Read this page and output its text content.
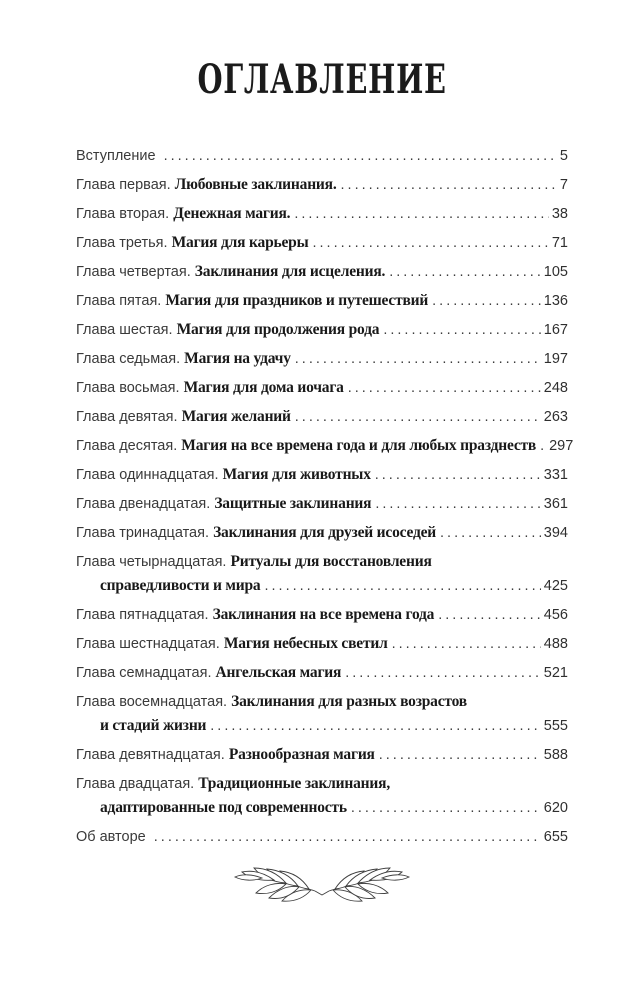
ОГЛАВЛЕНИЕ
Вступление .....	5
Глава первая. Любовные заклинания. .....	7
Глава вторая. Денежная магия. .....	38
Глава третья. Магия для карьеры .....	71
Глава четвертая. Заклинания для исцеления. .....	105
Глава пятая. Магия для праздников и путешествий .....	136
Глава шестая. Магия для продолжения рода .....	167
Глава седьмая. Магия на удачу .....	197
Глава восьмая. Магия для дома иочага .....	248
Глава девятая. Магия желаний .....	263
Глава десятая. Магия на все времена года и для любых празднеств ..... 297
Глава одиннадцатая. Магия для животных .....	331
Глава двенадцатая. Защитные заклинания .....	361
Глава тринадцатая. Заклинания для друзей исоседей .....	394
Глава четырнадцатая. Ритуалы для восстановления
справедливости и мира .....	425
Глава пятнадцатая. Заклинания на все времена года .....	456
Глава шестнадцатая. Магия небесных светил .....	488
Глава семнадцатая. Ангельская магия .....	521
Глава восемнадцатая. Заклинания для разных возрастов
и стадий жизни .....	555
Глава девятнадцатая. Разнообразная магия .....	588
Глава двадцатая. Традиционные заклинания,
адаптированные под современность .....	620
Об авторе .....	655
